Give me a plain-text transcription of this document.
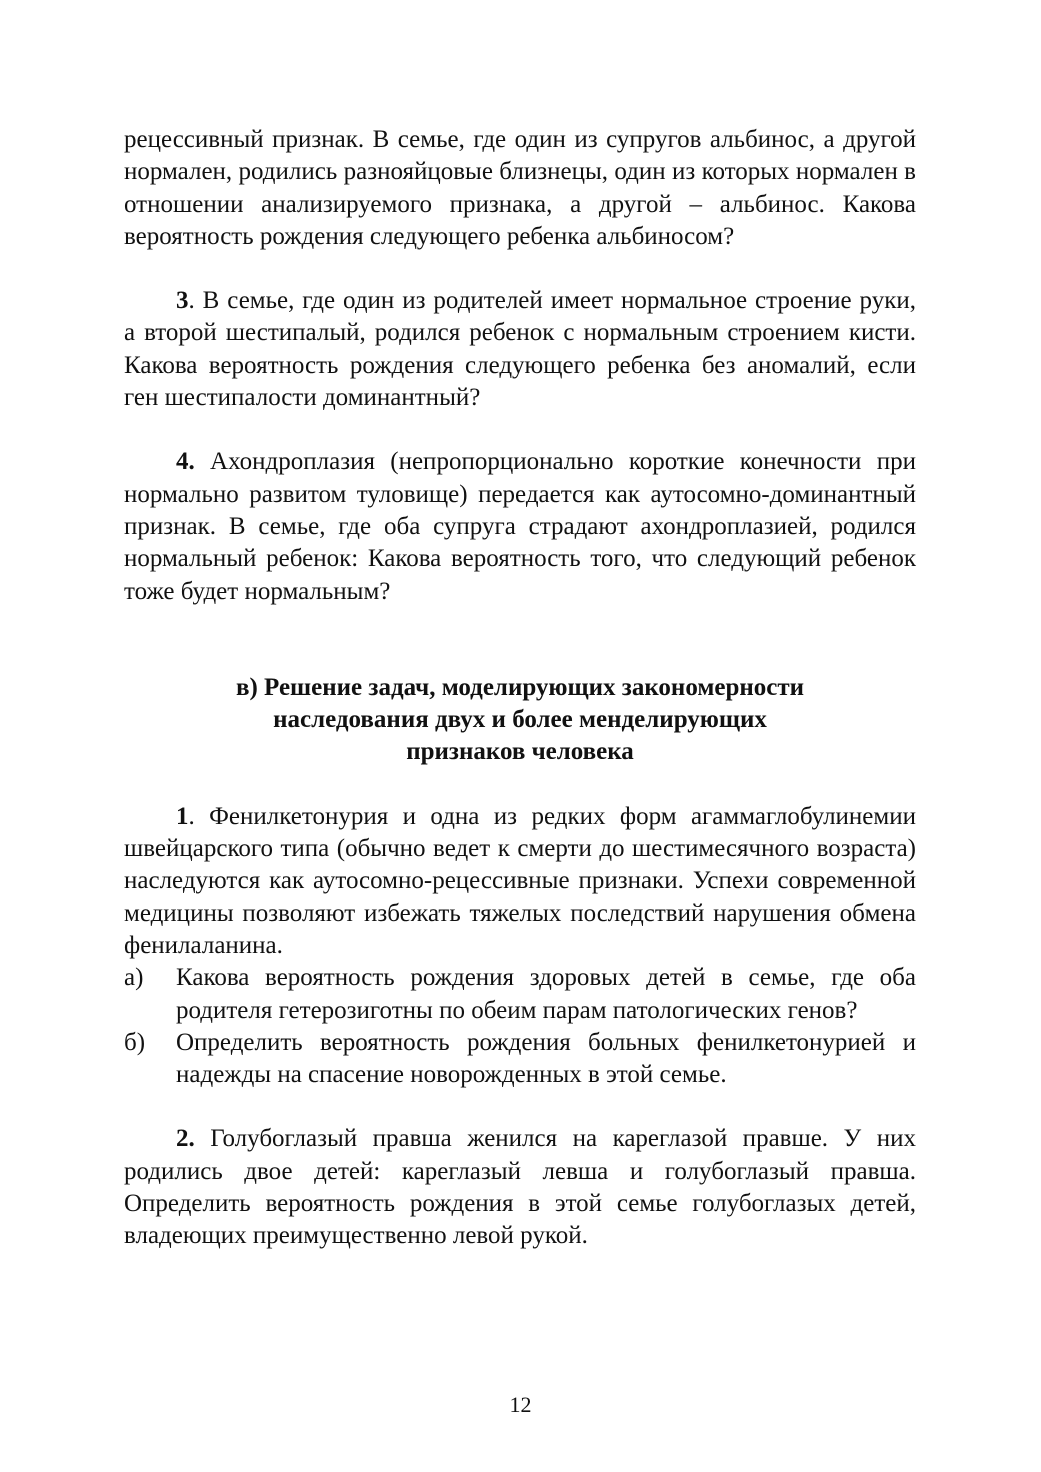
рецессивный признак. В семье, где один из супругов альбинос, а другой нормален, родились разнояйцовые близнецы, один из которых нормален в отношении анализируемого признака, а другой – альбинос. Какова вероятность рождения следующего ребенка альбиносом?

3. В семье, где один из родителей имеет нормальное строение руки, а второй шестипалый, родился ребенок с нормальным строением кисти. Какова вероятность рождения следующего ребенка без аномалий, если ген шестипалости доминантный?

4. Ахондроплазия (непропорционально короткие конечности при нормально развитом туловище) передается как аутосомно-доминантный признак. В семье, где оба супруга страдают ахондроплазией, родился нормальный ребенок: Какова вероятность того, что следующий ребенок тоже будет нормальным?

в) Решение задач, моделирующих закономерности

наследования двух и более менделирующих

признаков человека

1. Фенилкетонурия и одна из редких форм агаммаглобулинемии швейцарского типа (обычно ведет к смерти до шестимесячного возраста) наследуются как аутосомно-рецессивные признаки. Успехи современной медицины позволяют избежать тяжелых последствий нарушения обмена фенилаланина.

а)	Какова вероятность рождения здоровых детей в семье, где оба родителя гетерозиготны по обеим парам патологических генов?
б)	Определить вероятность рождения больных фенилкетонурией и надежды на спасение новорожденных в этой семье.

2. Голубоглазый правша женился на кареглазой правше. У них родились двое детей: кареглазый левша и голубоглазый правша. Определить вероятность рождения в этой семье голубоглазых детей, владеющих преимущественно левой рукой.

12
